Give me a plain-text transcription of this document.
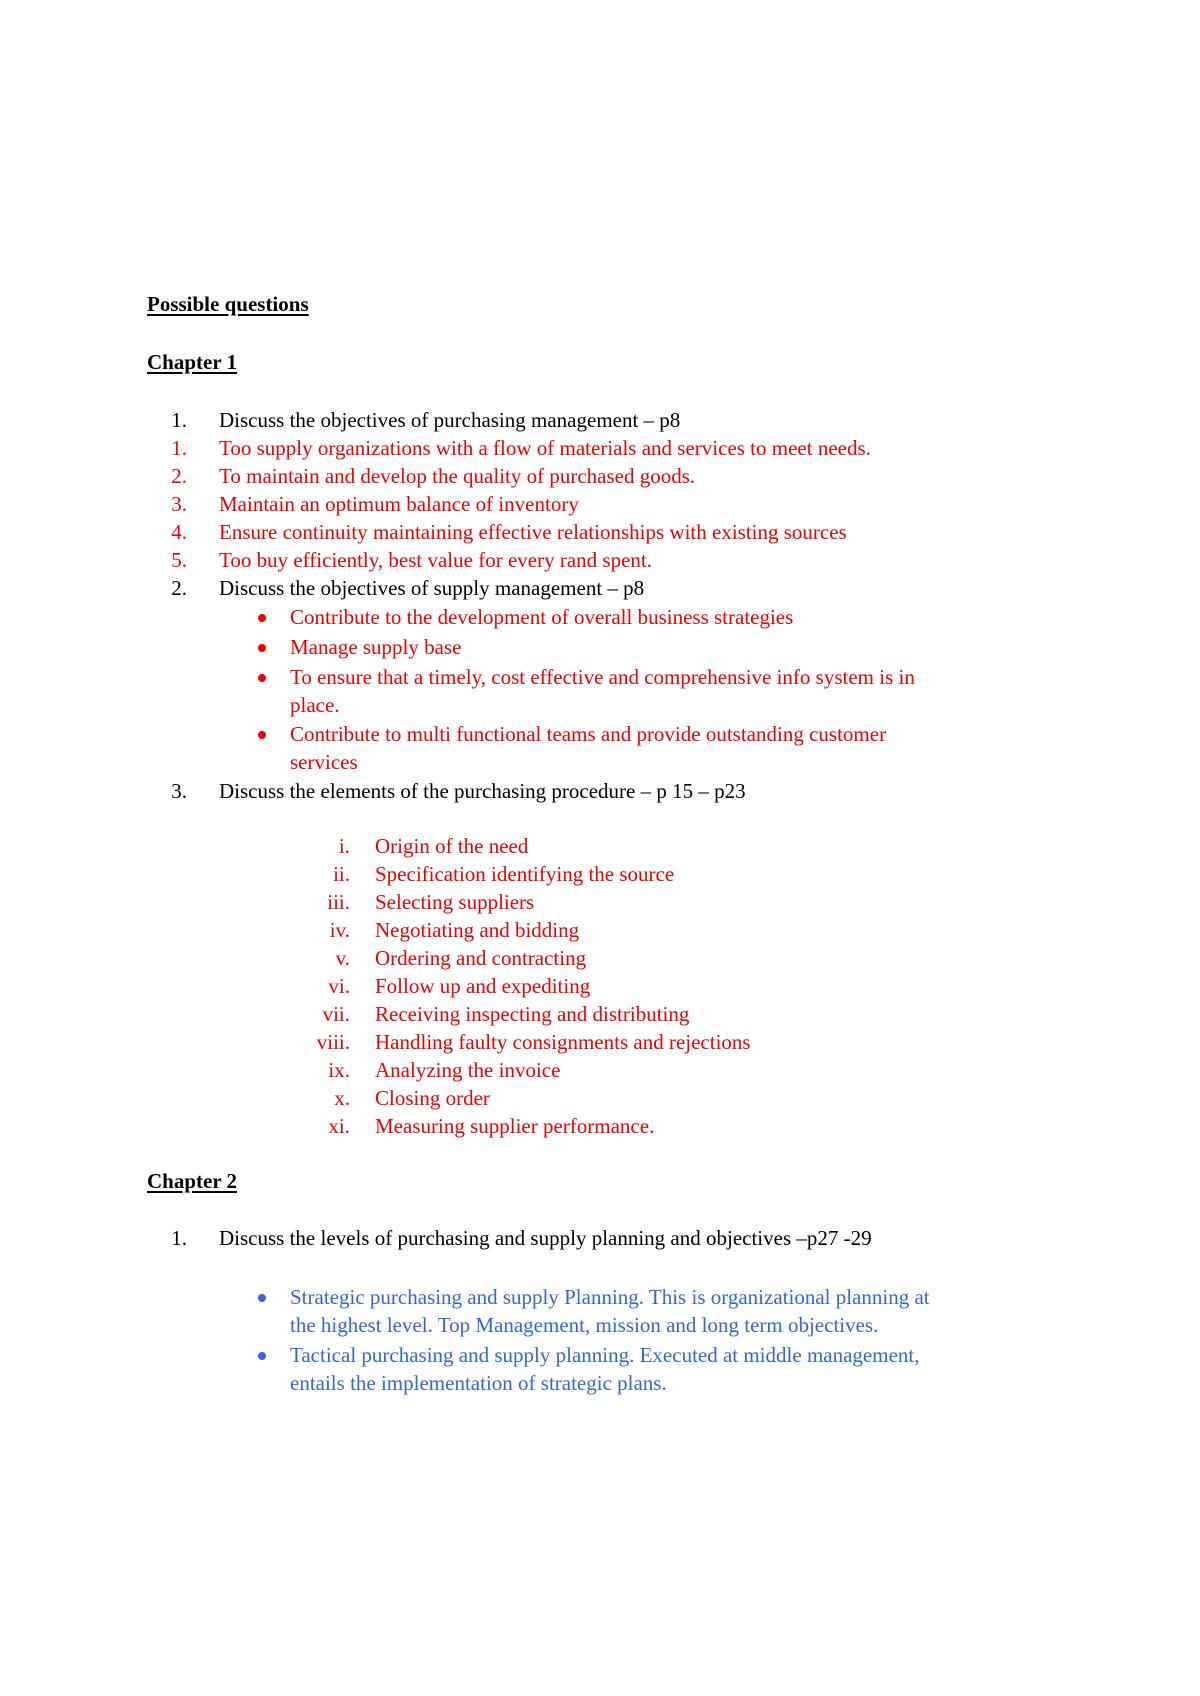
Possible questions
Chapter 1
1. Discuss the objectives of purchasing management – p8
1. Too supply organizations with a flow of materials and services to meet needs.
2. To maintain and develop the quality of purchased goods.
3. Maintain an optimum balance of inventory
4. Ensure continuity maintaining effective relationships with existing sources
5. Too buy efficiently, best value for every rand spent.
2. Discuss the objectives of supply management – p8
Contribute to the development of overall business strategies
Manage supply base
To ensure that a timely, cost effective and comprehensive info system is in
place.
Contribute to multi functional teams and provide outstanding customer
services
3. Discuss the elements of the purchasing procedure – p 15 – p23
i. Origin of the need
ii. Specification identifying the source
iii. Selecting suppliers
iv. Negotiating and bidding
v. Ordering and contracting
vi. Follow up and expediting
vii. Receiving inspecting and distributing
viii. Handling faulty consignments and rejections
ix. Analyzing the invoice
x. Closing order
xi. Measuring supplier performance.
Chapter 2
1. Discuss the levels of purchasing and supply planning and objectives –p27 -29
Strategic purchasing and supply Planning. This is organizational planning at
the highest level. Top Management, mission and long term objectives.
Tactical purchasing and supply planning. Executed at middle management,
entails the implementation of strategic plans.
